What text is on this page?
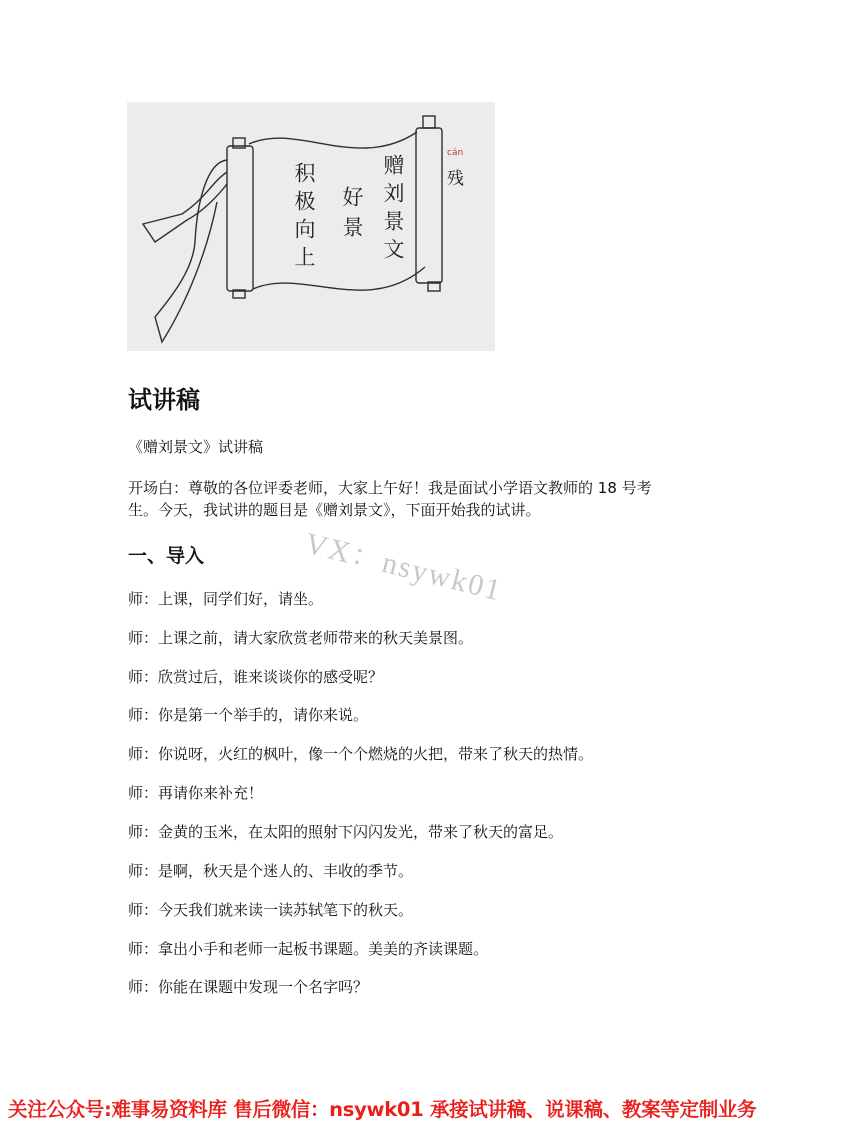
赠刘景文
好景
积极向上
cán
残
试讲稿
《赠刘景文》试讲稿
开场白：尊敬的各位评委老师，大家上午好！我是面试小学语文教师的 18 号考
生。今天，我试讲的题目是《赠刘景文》，下面开始我的试讲。
VX：nsywk01
一、导入
师：上课，同学们好，请坐。
师：上课之前，请大家欣赏老师带来的秋天美景图。
师：欣赏过后，谁来谈谈你的感受呢？
师：你是第一个举手的，请你来说。
师：你说呀，火红的枫叶，像一个个燃烧的火把，带来了秋天的热情。
师：再请你来补充！
师：金黄的玉米，在太阳的照射下闪闪发光，带来了秋天的富足。
师：是啊，秋天是个迷人的、丰收的季节。
师：今天我们就来读一读苏轼笔下的秋天。
师：拿出小手和老师一起板书课题。美美的齐读课题。
师：你能在课题中发现一个名字吗？
关注公众号:难事易资料库 售后微信：nsywk01 承接试讲稿、说课稿、教案等定制业务
